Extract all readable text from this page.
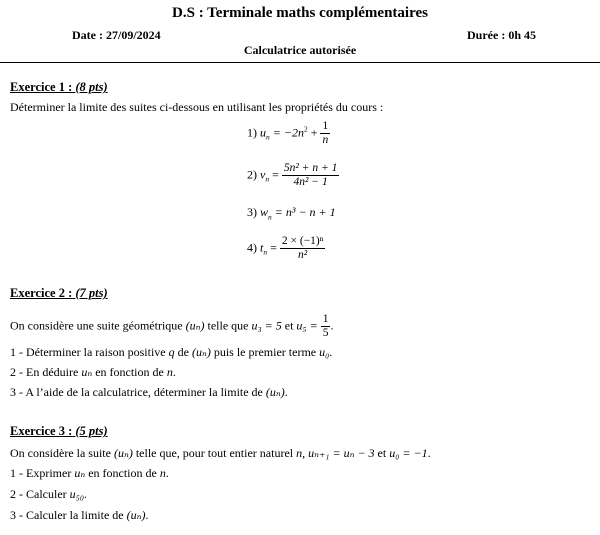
D.S : Terminale maths complémentaires
Date : 27/09/2024	Durée : 0h 45
Calculatrice autorisée
Exercice 1 : (8 pts)
Déterminer la limite des suites ci-dessous en utilisant les propriétés du cours :
1) $u_n = -2n^2 + \frac{1}{n}$
2) $v_n = \frac{\text{5n² + n + 1}}{\text{4n² − 1}}$
3) $w_n = n^3 - n + 1$
4) $t_n = \frac{\text{2 × (−1)ⁿ}}{\text{n²}}$
Exercice 2 : (7 pts)
On considère une suite géométrique (uₙ) telle que u₃ = 5 et $u_5 = \frac{1}{5}$ .
1 - Déterminer la raison positive q de (uₙ) puis le premier terme u₀.
2 - En déduire uₙ en fonction de n.
3 - A l’aide de la calculatrice, déterminer la limite de (uₙ).
Exercice 3 : (5 pts)
On considère la suite (uₙ) telle que, pour tout entier naturel n, uₙ₊₁ = uₙ − 3 et u₀ = −1.
1 - Exprimer uₙ en fonction de n.
2 - Calculer u₅₀.
3 - Calculer la limite de (uₙ).
